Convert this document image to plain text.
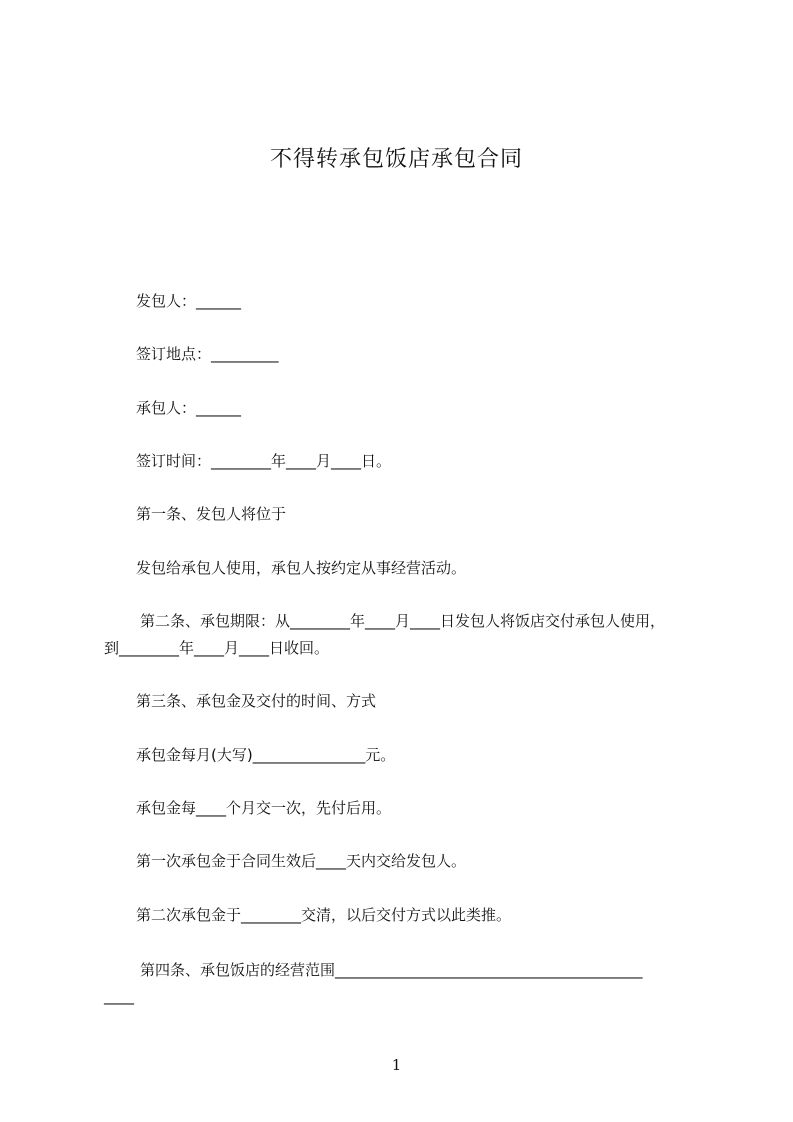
不得转承包饭店承包合同
发包人：______
签订地点：_________
承包人：______
签订时间：________年____月____日。
第一条、发包人将位于
发包给承包人使用，承包人按约定从事经营活动。
第二条、承包期限：从________年____月____日发包人将饭店交付承包人使用，
到________年____月____日收回。
第三条、承包金及交付的时间、方式
承包金每月(大写)_______________元。
承包金每____个月交一次，先付后用。
第一次承包金于合同生效后____天内交给发包人。
第二次承包金于________交清，以后交付方式以此类推。
第四条、承包饭店的经营范围_________________________________________
____
1
